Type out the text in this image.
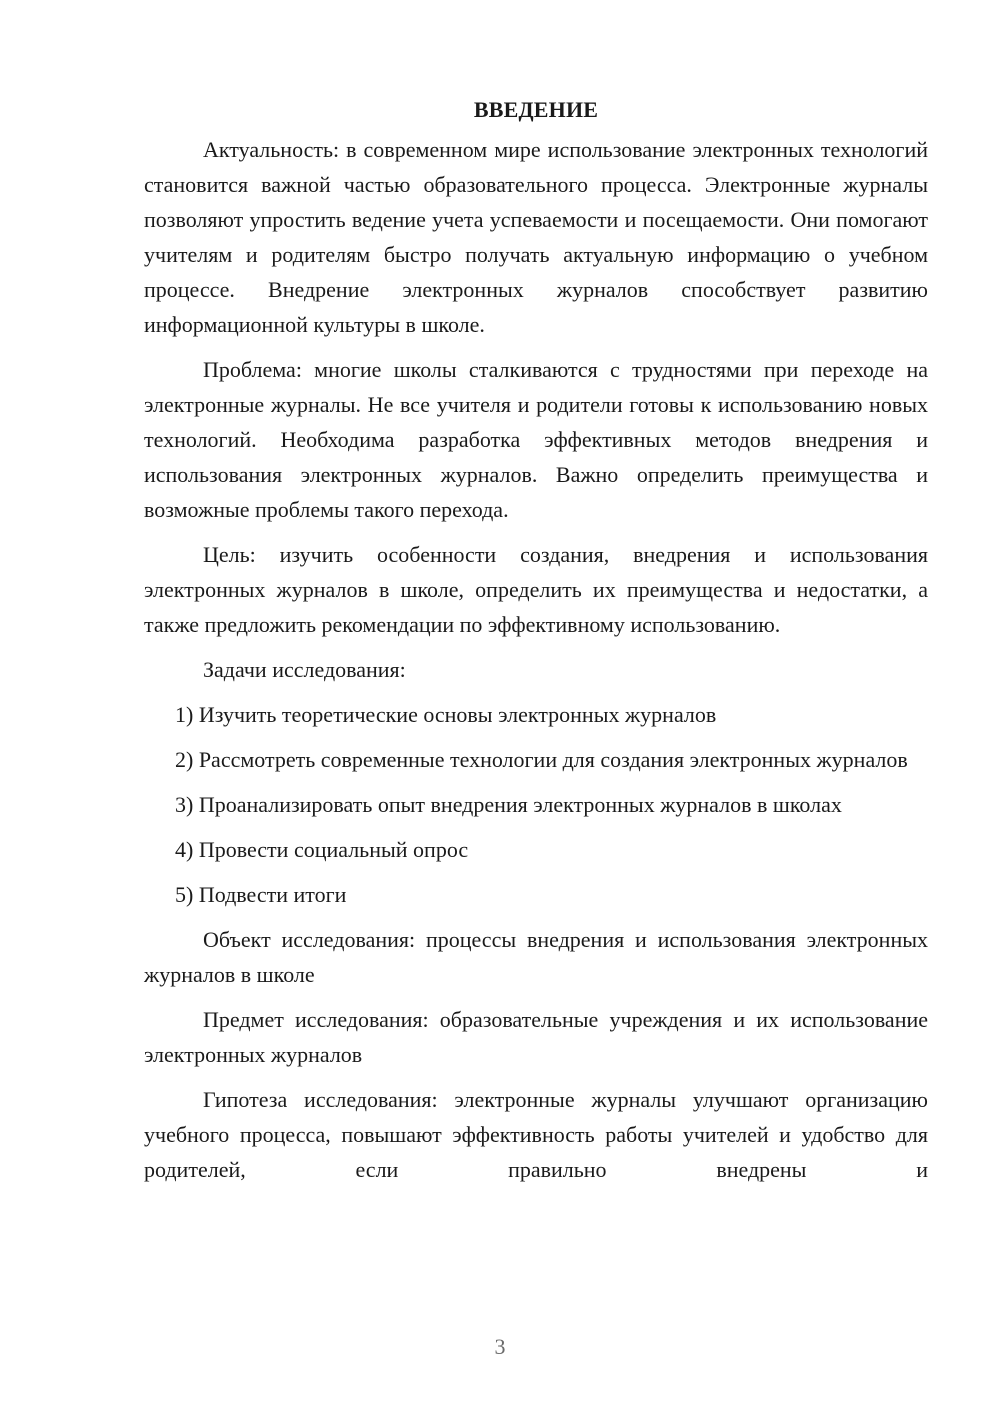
ВВЕДЕНИЕ

Актуальность: в современном мире использование электронных технологий становится важной частью образовательного процесса. Электронные журналы позволяют упростить ведение учета успеваемости и посещаемости. Они помогают учителям и родителям быстро получать актуальную информацию о учебном процессе. Внедрение электронных журналов способствует развитию информационной культуры в школе.

Проблема: многие школы сталкиваются с трудностями при переходе на электронные журналы. Не все учителя и родители готовы к использованию новых технологий. Необходима разработка эффективных методов внедрения и использования электронных журналов. Важно определить преимущества и возможные проблемы такого перехода.

Цель: изучить особенности создания, внедрения и использования электронных журналов в школе, определить их преимущества и недостатки, а также предложить рекомендации по эффективному использованию.

Задачи исследования:

1) Изучить теоретические основы электронных журналов

2) Рассмотреть современные технологии для создания электронных журналов

3) Проанализировать опыт внедрения электронных журналов в школах

4) Провести социальный опрос

5) Подвести итоги

Объект исследования: процессы внедрения и использования электронных журналов в школе

Предмет исследования: образовательные учреждения и их использование электронных журналов

Гипотеза исследования: электронные журналы улучшают организацию учебного процесса, повышают эффективность работы учителей и удобство для родителей, если правильно внедрены и

3
